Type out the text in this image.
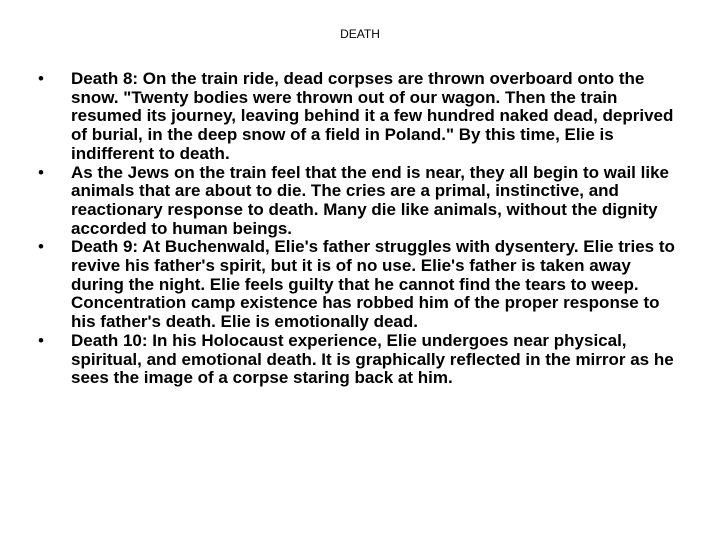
DEATH
• Death 8: On the train ride, dead corpses are thrown overboard onto the snow. "Twenty bodies were thrown out of our wagon. Then the train resumed its journey, leaving behind it a few hundred naked dead, deprived of burial, in the deep snow of a field in Poland." By this time, Elie is indifferent to death.
• As the Jews on the train feel that the end is near, they all begin to wail like animals that are about to die. The cries are a primal, instinctive, and reactionary response to death. Many die like animals, without the dignity accorded to human beings.
• Death 9: At Buchenwald, Elie's father struggles with dysentery. Elie tries to revive his father's spirit, but it is of no use. Elie's father is taken away during the night. Elie feels guilty that he cannot find the tears to weep. Concentration camp existence has robbed him of the proper response to his father's death. Elie is emotionally dead.
• Death 10: In his Holocaust experience, Elie undergoes near physical, spiritual, and emotional death. It is graphically reflected in the mirror as he sees the image of a corpse staring back at him.
